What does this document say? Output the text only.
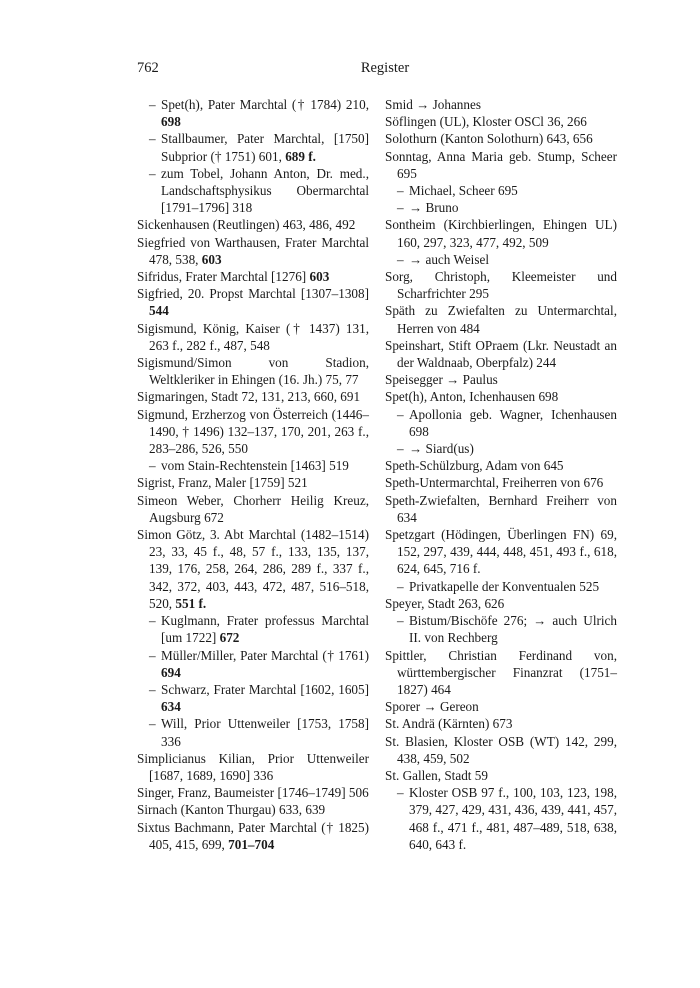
762	Register

– Spet(h), Pater Marchtal († 1784) 210, 698

– Stallbaumer, Pater Marchtal, [1750] Subprior († 1751) 601, 689 f.

– zum Tobel, Johann Anton, Dr. med., Landschaftsphysikus Obermarchtal [1791–1796] 318

Sickenhausen (Reutlingen) 463, 486, 492

Siegfried von Warthausen, Frater Marchtal 478, 538, 603

Sifridus, Frater Marchtal [1276] 603

Sigfried, 20. Propst Marchtal [1307–1308] 544

Sigismund, König, Kaiser († 1437) 131, 263 f., 282 f., 487, 548

Sigismund/Simon von Stadion, Weltkleriker in Ehingen (16. Jh.) 75, 77

Sigmaringen, Stadt 72, 131, 213, 660, 691

Sigmund, Erzherzog von Österreich (1446–1490, † 1496) 132–137, 170, 201, 263 f., 283–286, 526, 550

– vom Stain-Rechtenstein [1463] 519

Sigrist, Franz, Maler [1759] 521

Simeon Weber, Chorherr Heilig Kreuz, Augsburg 672

Simon Götz, 3. Abt Marchtal (1482–1514) 23, 33, 45 f., 48, 57 f., 133, 135, 137, 139, 176, 258, 264, 286, 289 f., 337 f., 342, 372, 403, 443, 472, 487, 516–518, 520, 551 f.

– Kuglmann, Frater professus Marchtal [um 1722] 672

– Müller/Miller, Pater Marchtal († 1761) 694

– Schwarz, Frater Marchtal [1602, 1605] 634

– Will, Prior Uttenweiler [1753, 1758] 336

Simplicianus Kilian, Prior Uttenweiler [1687, 1689, 1690] 336

Singer, Franz, Baumeister [1746–1749] 506

Sirnach (Kanton Thurgau) 633, 639

Sixtus Bachmann, Pater Marchtal († 1825) 405, 415, 699, 701–704

Smid → Johannes

Söflingen (UL), Kloster OSCl 36, 266

Solothurn (Kanton Solothurn) 643, 656

Sonntag, Anna Maria geb. Stump, Scheer 695

– Michael, Scheer 695

– → Bruno

Sontheim (Kirchbierlingen, Ehingen UL) 160, 297, 323, 477, 492, 509

– → auch Weisel

Sorg, Christoph, Kleemeister und Scharfrichter 295

Späth zu Zwiefalten zu Untermarchtal, Herren von 484

Speinshart, Stift OPraem (Lkr. Neustadt an der Waldnaab, Oberpfalz) 244

Speisegger → Paulus

Spet(h), Anton, Ichenhausen 698

– Apollonia geb. Wagner, Ichenhausen 698

– → Siard(us)

Speth-Schülzburg, Adam von 645

Speth-Untermarchtal, Freiherren von 676

Speth-Zwiefalten, Bernhard Freiherr von 634

Spetzgart (Hödingen, Überlingen FN) 69, 152, 297, 439, 444, 448, 451, 493 f., 618, 624, 645, 716 f.

– Privatkapelle der Konventualen 525

Speyer, Stadt 263, 626

– Bistum/Bischöfe 276; → auch Ulrich II. von Rechberg

Spittler, Christian Ferdinand von, württembergischer Finanzrat (1751–1827) 464

Sporer → Gereon

St. Andrä (Kärnten) 673

St. Blasien, Kloster OSB (WT) 142, 299, 438, 459, 502

St. Gallen, Stadt 59

– Kloster OSB 97 f., 100, 103, 123, 198, 379, 427, 429, 431, 436, 439, 441, 457, 468 f., 471 f., 481, 487–489, 518, 638, 640, 643 f.
